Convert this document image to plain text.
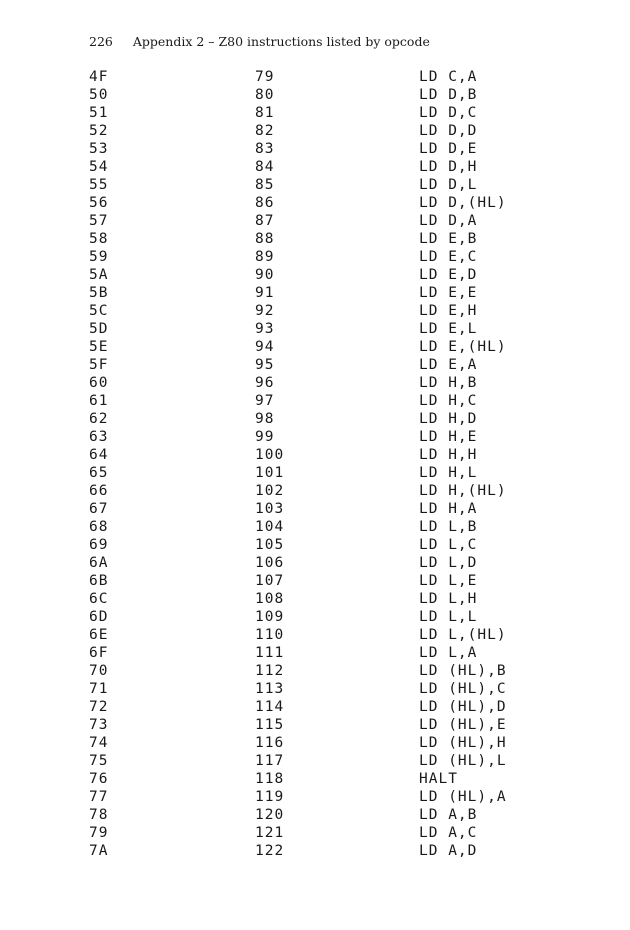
226 Appendix 2 – Z80 instructions listed by opcode
4F	79	LD C,A
50	80	LD D,B
51	81	LD D,C
52	82	LD D,D
53	83	LD D,E
54	84	LD D,H
55	85	LD D,L
56	86	LD D,(HL)
57	87	LD D,A
58	88	LD E,B
59	89	LD E,C
5A	90	LD E,D
5B	91	LD E,E
5C	92	LD E,H
5D	93	LD E,L
5E	94	LD E,(HL)
5F	95	LD E,A
60	96	LD H,B
61	97	LD H,C
62	98	LD H,D
63	99	LD H,E
64	100	LD H,H
65	101	LD H,L
66	102	LD H,(HL)
67	103	LD H,A
68	104	LD L,B
69	105	LD L,C
6A	106	LD L,D
6B	107	LD L,E
6C	108	LD L,H
6D	109	LD L,L
6E	110	LD L,(HL)
6F	111	LD L,A
70	112	LD (HL),B
71	113	LD (HL),C
72	114	LD (HL),D
73	115	LD (HL),E
74	116	LD (HL),H
75	117	LD (HL),L
76	118	HALT
77	119	LD (HL),A
78	120	LD A,B
79	121	LD A,C
7A	122	LD A,D
